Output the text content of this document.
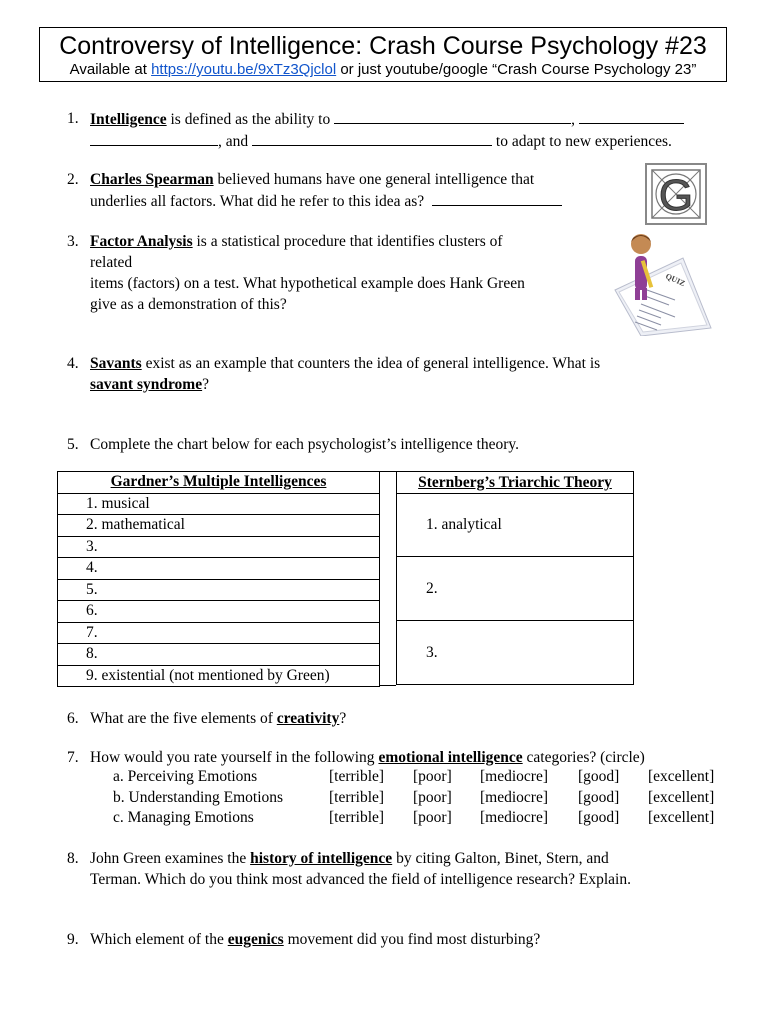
Controversy of Intelligence: Crash Course Psychology #23
Available at https://youtu.be/9xTz3Qjclol or just youtube/google “Crash Course Psychology 23”
1. Intelligence is defined as the ability to	,
, and	to adapt to new experiences.
2. Charles Spearman believed humans have one general intelligence that
underlies all factors. What did he refer to this idea as?	G
3. Factor Analysis is a statistical procedure that identifies clusters of
related
items (factors) on a test. What hypothetical example does Hank Green
give as a demonstration of this?
QUIZ
4. Savants exist as an example that counters the idea of general intelligence. What is
savant syndrome?
5. Complete the chart below for each psychologist’s intelligence theory.
Gardner’s Multiple Intelligences
1. musical
2. mathematical
3.
4.
5.
6.
7.
8.
9. existential (not mentioned by Green)
Sternberg’s Triarchic Theory
1. analytical
2.
3.
6. What are the five elements of creativity?
7. How would you rate yourself in the following emotional intelligence categories? (circle)
a. Perceiving Emotions	[terrible] [poor] [mediocre] [good] [excellent]
b. Understanding Emotions	[terrible] [poor] [mediocre] [good] [excellent]
c. Managing Emotions	[terrible] [poor] [mediocre] [good] [excellent]
8. John Green examines the history of intelligence by citing Galton, Binet, Stern, and
Terman. Which do you think most advanced the field of intelligence research? Explain.
9. Which element of the eugenics movement did you find most disturbing?
